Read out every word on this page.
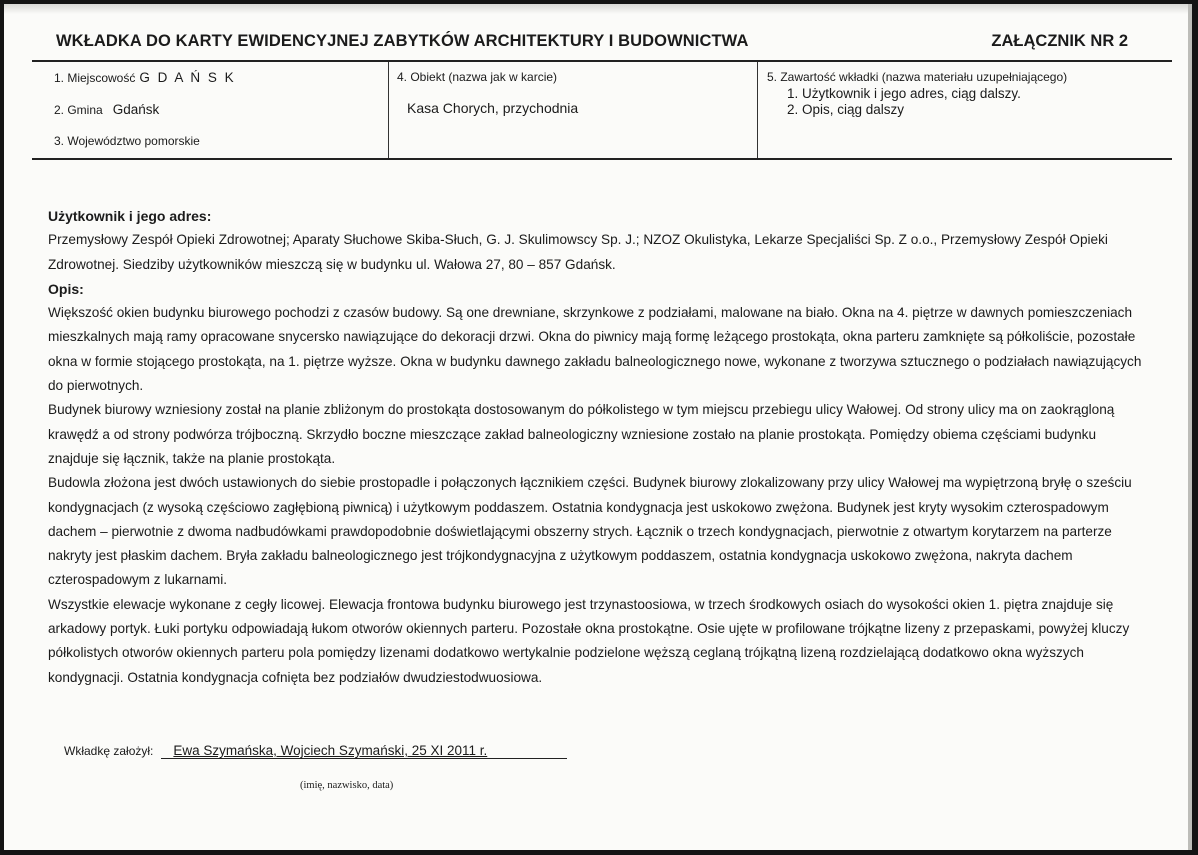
WKŁADKA DO KARTY EWIDENCYJNEJ ZABYTKÓW ARCHITEKTURY I BUDOWNICTWA	ZAŁĄCZNIK NR 2
1. Miejscowość G D A Ń S K
2. Gmina Gdańsk
3. Województwo pomorskie
4. Obiekt (nazwa jak w karcie)
Kasa Chorych, przychodnia
5. Zawartość wkładki (nazwa materiału uzupełniającego)
1. Użytkownik i jego adres, ciąg dalszy.
2. Opis, ciąg dalszy
Użytkownik i jego adres:

Przemysłowy Zespół Opieki Zdrowotnej; Aparaty Słuchowe Skiba-Słuch, G. J. Skulimowscy Sp. J.; NZOZ Okulistyka, Lekarze Specjaliści Sp. Z o.o., Przemysłowy Zespół Opieki Zdrowotnej. Siedziby użytkowników mieszczą się w budynku ul. Wałowa 27, 80 – 857 Gdańsk.

Opis:

Większość okien budynku biurowego pochodzi z czasów budowy. Są one drewniane, skrzynkowe z podziałami, malowane na biało. Okna na 4. piętrze w dawnych pomieszczeniach mieszkalnych mają ramy opracowane snycersko nawiązujące do dekoracji drzwi. Okna do piwnicy mają formę leżącego prostokąta, okna parteru zamknięte są półkoliście, pozostałe okna w formie stojącego prostokąta, na 1. piętrze wyższe. Okna w budynku dawnego zakładu balneologicznego nowe, wykonane z tworzywa sztucznego o podziałach nawiązujących do pierwotnych.

Budynek biurowy wzniesiony został na planie zbliżonym do prostokąta dostosowanym do półkolistego w tym miejscu przebiegu ulicy Wałowej. Od strony ulicy ma on zaokrągloną krawędź a od strony podwórza trójboczną. Skrzydło boczne mieszczące zakład balneologiczny wzniesione zostało na planie prostokąta. Pomiędzy obiema częściami budynku znajduje się łącznik, także na planie prostokąta.

Budowla złożona jest dwóch ustawionych do siebie prostopadle i połączonych łącznikiem części. Budynek biurowy zlokalizowany przy ulicy Wałowej ma wypiętrzoną bryłę o sześciu kondygnacjach (z wysoką częściowo zagłębioną piwnicą) i użytkowym poddaszem. Ostatnia kondygnacja jest uskokowo zwężona. Budynek jest kryty wysokim czterospadowym dachem – pierwotnie z dwoma nadbudówkami prawdopodobnie doświetlającymi obszerny strych. Łącznik o trzech kondygnacjach, pierwotnie z otwartym korytarzem na parterze nakryty jest płaskim dachem. Bryła zakładu balneologicznego jest trójkondygnacyjna z użytkowym poddaszem, ostatnia kondygnacja uskokowo zwężona, nakryta dachem czterospadowym z lukarnami.

Wszystkie elewacje wykonane z cegły licowej. Elewacja frontowa budynku biurowego jest trzynastoosiowa, w trzech środkowych osiach do wysokości okien 1. piętra znajduje się arkadowy portyk. Łuki portyku odpowiadają łukom otworów okiennych parteru. Pozostałe okna prostokątne. Osie ujęte w profilowane trójkątne lizeny z przepaskami, powyżej kluczy półkolistych otworów okiennych parteru pola pomiędzy lizenami dodatkowo wertykalnie podzielone węższą ceglaną trójkątną lizeną rozdzielającą dodatkowo okna wyższych kondygnacji. Ostatnia kondygnacja cofnięta bez podziałów dwudziestodwuosiowa.

Wkładkę założył: Ewa Szymańska, Wojciech Szymański, 25 XI 2011 r.
(imię, nazwisko, data)
